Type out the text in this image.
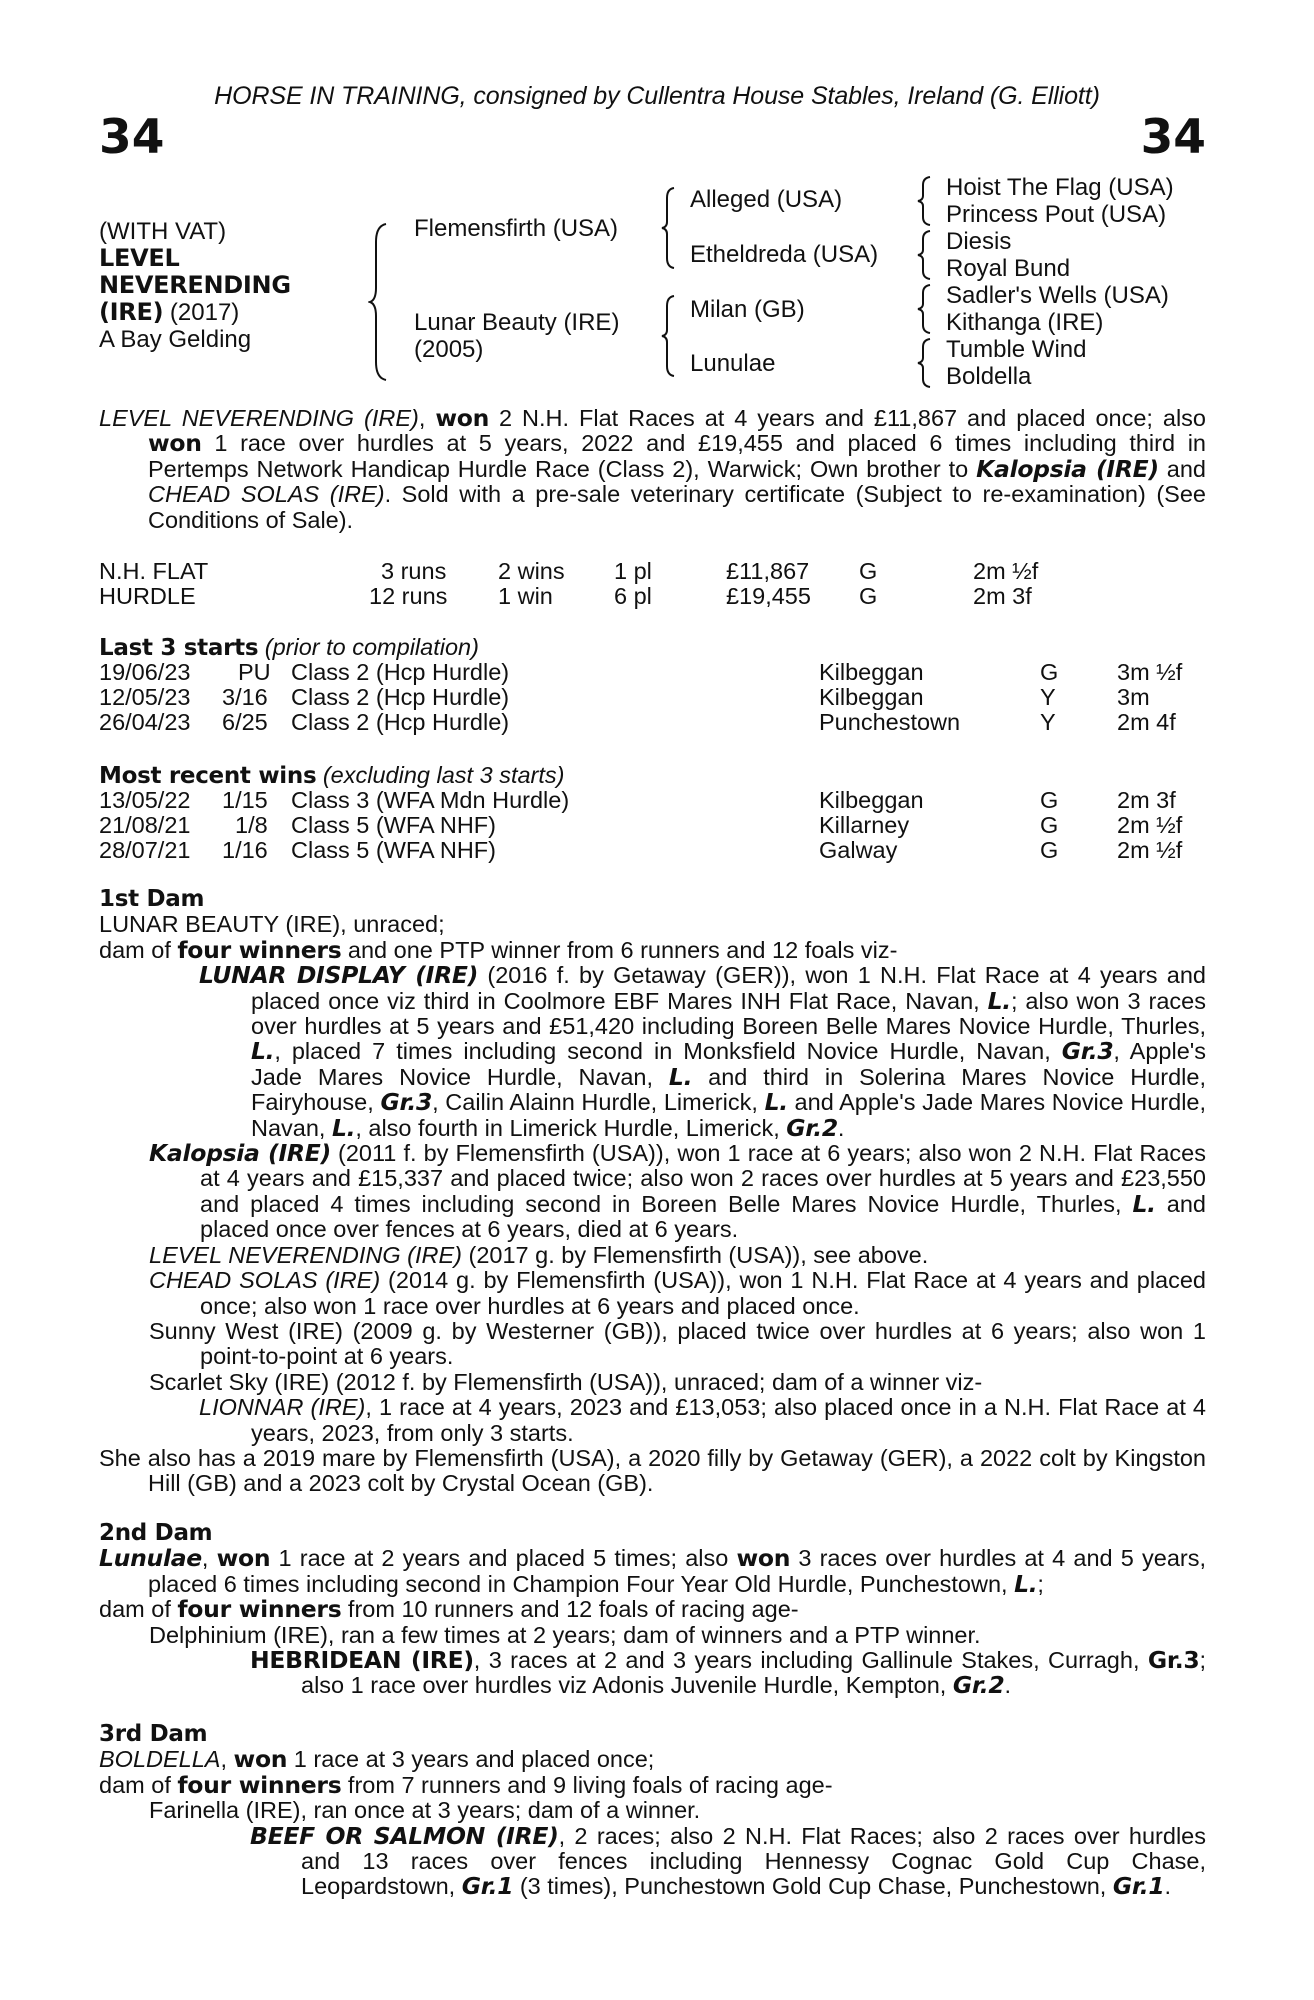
HORSE IN TRAINING, consigned by Cullentra House Stables, Ireland (G. Elliott)
34	34
(WITH VAT)
LEVEL
NEVERENDING
(IRE) (2017)
A Bay Gelding
Flemensfirth (USA)
Lunar Beauty (IRE)
(2005)
Alleged (USA)
Etheldreda (USA)
Milan (GB)
Lunulae
Hoist The Flag (USA)
Princess Pout (USA)
Diesis
Royal Bund
Sadler's Wells (USA)
Kithanga (IRE)
Tumble Wind
Boldella

LEVEL NEVERENDING (IRE), won 2 N.H. Flat Races at 4 years and £11,867 and placed once; also won 1 race over hurdles at 5 years, 2022 and £19,455 and placed 6 times including third in Pertemps Network Handicap Hurdle Race (Class 2), Warwick; Own brother to Kalopsia (IRE) and CHEAD SOLAS (IRE). Sold with a pre-sale veterinary certificate (Subject to re-examination) (See Conditions of Sale).

N.H. FLAT	3 runs 2 wins 1 pl	£11,867 G	2m ½f
HURDLE	12 runs 1 win	6 pl	£19,455 G	2m 3f
Last 3 starts (prior to compilation)
19/06/23 PU Class 2 (Hcp Hurdle)	Kilbeggan	G 3m ½f
12/05/23 3/16 Class 2 (Hcp Hurdle)	Kilbeggan	Y	3m
26/04/23 6/25 Class 2 (Hcp Hurdle)	Punchestown	Y	2m 4f
Most recent wins (excluding last 3 starts)
13/05/22 1/15 Class 3 (WFA Mdn Hurdle)	Kilbeggan	G 2m 3f
21/08/21 1/8 Class 5 (WFA NHF)	Killarney	G 2m ½f
28/07/21 1/16 Class 5 (WFA NHF)	Galway	G 2m ½f

1st Dam

LUNAR BEAUTY (IRE), unraced;

dam of four winners and one PTP winner from 6 runners and 12 foals viz-

LUNAR DISPLAY (IRE) (2016 f. by Getaway (GER)), won 1 N.H. Flat Race at 4 years and placed once viz third in Coolmore EBF Mares INH Flat Race, Navan, L.; also won 3 races over hurdles at 5 years and £51,420 including Boreen Belle Mares Novice Hurdle, Thurles, L., placed 7 times including second in Monksfield Novice Hurdle, Navan, Gr.3, Apple's Jade Mares Novice Hurdle, Navan, L. and third in Solerina Mares Novice Hurdle, Fairyhouse, Gr.3, Cailin Alainn Hurdle, Limerick, L. and Apple's Jade Mares Novice Hurdle, Navan, L., also fourth in Limerick Hurdle, Limerick, Gr.2.

Kalopsia (IRE) (2011 f. by Flemensfirth (USA)), won 1 race at 6 years; also won 2 N.H. Flat Races at 4 years and £15,337 and placed twice; also won 2 races over hurdles at 5 years and £23,550 and placed 4 times including second in Boreen Belle Mares Novice Hurdle, Thurles, L. and placed once over fences at 6 years, died at 6 years.

LEVEL NEVERENDING (IRE) (2017 g. by Flemensfirth (USA)), see above.

CHEAD SOLAS (IRE) (2014 g. by Flemensfirth (USA)), won 1 N.H. Flat Race at 4 years and placed once; also won 1 race over hurdles at 6 years and placed once.

Sunny West (IRE) (2009 g. by Westerner (GB)), placed twice over hurdles at 6 years; also won 1 point-to-point at 6 years.

Scarlet Sky (IRE) (2012 f. by Flemensfirth (USA)), unraced; dam of a winner viz-

LIONNAR (IRE), 1 race at 4 years, 2023 and £13,053; also placed once in a N.H. Flat Race at 4 years, 2023, from only 3 starts.

She also has a 2019 mare by Flemensfirth (USA), a 2020 filly by Getaway (GER), a 2022 colt by Kingston Hill (GB) and a 2023 colt by Crystal Ocean (GB).

2nd Dam

Lunulae, won 1 race at 2 years and placed 5 times; also won 3 races over hurdles at 4 and 5 years, placed 6 times including second in Champion Four Year Old Hurdle, Punchestown, L.;

dam of four winners from 10 runners and 12 foals of racing age-

Delphinium (IRE), ran a few times at 2 years; dam of winners and a PTP winner.

HEBRIDEAN (IRE), 3 races at 2 and 3 years including Gallinule Stakes, Curragh, Gr.3; also 1 race over hurdles viz Adonis Juvenile Hurdle, Kempton, Gr.2.

3rd Dam

BOLDELLA, won 1 race at 3 years and placed once;

dam of four winners from 7 runners and 9 living foals of racing age-

Farinella (IRE), ran once at 3 years; dam of a winner.

BEEF OR SALMON (IRE), 2 races; also 2 N.H. Flat Races; also 2 races over hurdles and 13 races over fences including Hennessy Cognac Gold Cup Chase, Leopardstown, Gr.1 (3 times), Punchestown Gold Cup Chase, Punchestown, Gr.1.
